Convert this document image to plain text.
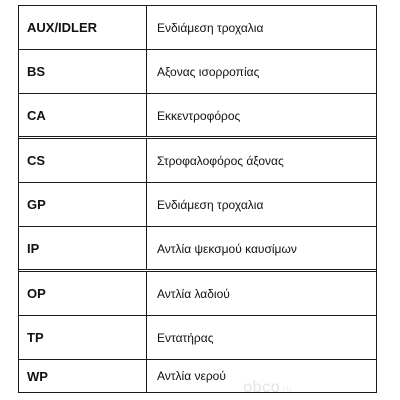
AUX/IDLER	Ενδιάμεση τροχαλια
BS	Αξονας ισορροπίας
CA	Εκκεντροφόρος
CS	Στροφαλοφόρος άξονας
GP	Ενδιάμεση τροχαλια
IP	Αντλία ψεκσμού καυσίμων
OP	Αντλία λαδιού
TP	Εντατήρας
WP	Αντλία νερού
obco.ru
